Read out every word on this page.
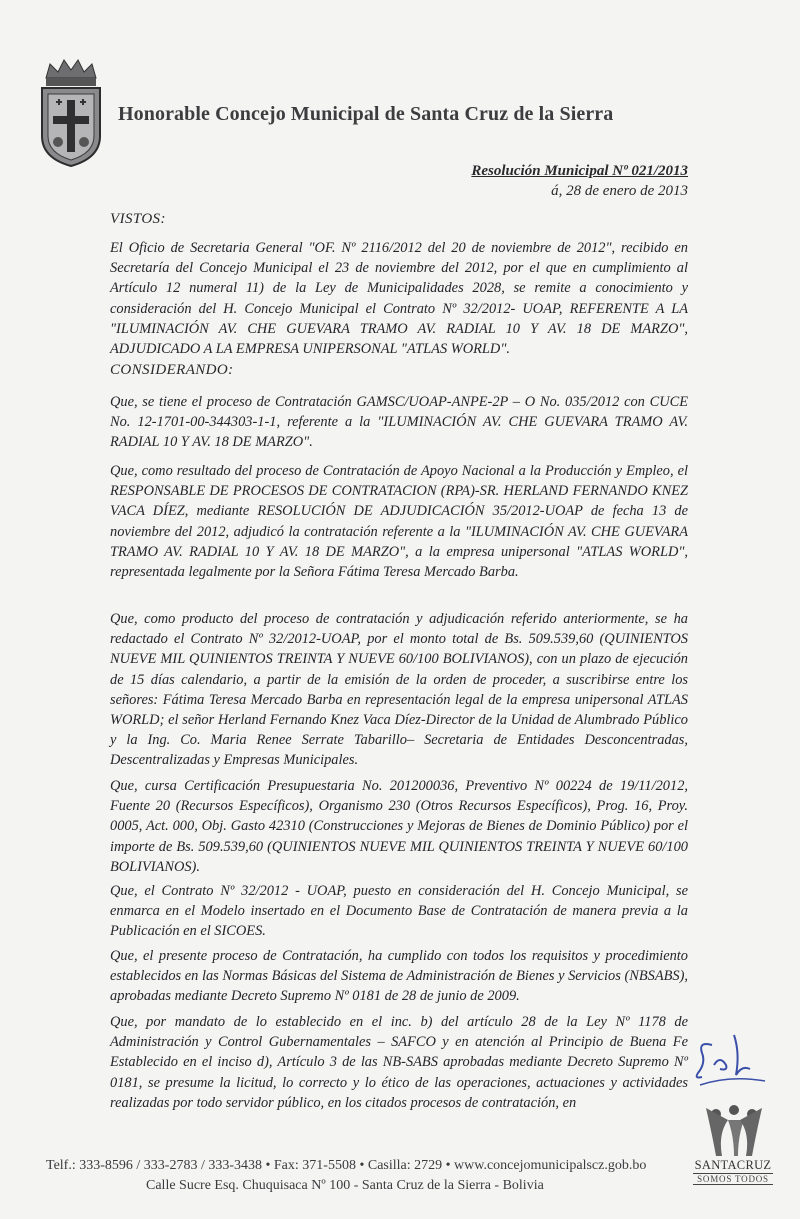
Honorable Concejo Municipal de Santa Cruz de la Sierra
Resolución Municipal Nº 021/2013
á, 28 de enero de 2013
VISTOS:
El Oficio de Secretaria General "OF. Nº 2116/2012 del 20 de noviembre de 2012", recibido en Secretaría del Concejo Municipal el 23 de noviembre del 2012, por el que en cumplimiento al Artículo 12 numeral 11) de la Ley de Municipalidades 2028, se remite a conocimiento y consideración del H. Concejo Municipal el Contrato Nº 32/2012- UOAP, REFERENTE A LA "ILUMINACIÓN AV. CHE GUEVARA TRAMO AV. RADIAL 10 Y AV. 18 DE MARZO", ADJUDICADO A LA EMPRESA UNIPERSONAL "ATLAS WORLD".
CONSIDERANDO:
Que, se tiene el proceso de Contratación GAMSC/UOAP-ANPE-2P – O No. 035/2012 con CUCE No. 12-1701-00-344303-1-1, referente a la "ILUMINACIÓN AV. CHE GUEVARA TRAMO AV. RADIAL 10 Y AV. 18 DE MARZO".
Que, como resultado del proceso de Contratación de Apoyo Nacional a la Producción y Empleo, el RESPONSABLE DE PROCESOS DE CONTRATACION (RPA)-SR. HERLAND FERNANDO KNEZ VACA DÍEZ, mediante RESOLUCIÓN DE ADJUDICACIÓN 35/2012-UOAP de fecha 13 de noviembre del 2012, adjudicó la contratación referente a la "ILUMINACIÓN AV. CHE GUEVARA TRAMO AV. RADIAL 10 Y AV. 18 DE MARZO", a la empresa unipersonal "ATLAS WORLD", representada legalmente por la Señora Fátima Teresa Mercado Barba.
Que, como producto del proceso de contratación y adjudicación referido anteriormente, se ha redactado el Contrato Nº 32/2012-UOAP, por el monto total de Bs. 509.539,60 (QUINIENTOS NUEVE MIL QUINIENTOS TREINTA Y NUEVE 60/100 BOLIVIANOS), con un plazo de ejecución de 15 días calendario, a partir de la emisión de la orden de proceder, a suscribirse entre los señores: Fátima Teresa Mercado Barba en representación legal de la empresa unipersonal ATLAS WORLD; el señor Herland Fernando Knez Vaca Díez-Director de la Unidad de Alumbrado Público y la Ing. Co. Maria Renee Serrate Tabarillo– Secretaria de Entidades Desconcentradas, Descentralizadas y Empresas Municipales.
Que, cursa Certificación Presupuestaria No. 201200036, Preventivo Nº 00224 de 19/11/2012, Fuente 20 (Recursos Específicos), Organismo 230 (Otros Recursos Específicos), Prog. 16, Proy. 0005, Act. 000, Obj. Gasto 42310 (Construcciones y Mejoras de Bienes de Dominio Público) por el importe de Bs. 509.539,60 (QUINIENTOS NUEVE MIL QUINIENTOS TREINTA Y NUEVE 60/100 BOLIVIANOS).
Que, el Contrato Nº 32/2012 - UOAP, puesto en consideración del H. Concejo Municipal, se enmarca en el Modelo insertado en el Documento Base de Contratación de manera previa a la Publicación en el SICOES.
Que, el presente proceso de Contratación, ha cumplido con todos los requisitos y procedimiento establecidos en las Normas Básicas del Sistema de Administración de Bienes y Servicios (NBSABS), aprobadas mediante Decreto Supremo Nº 0181 de 28 de junio de 2009.
Que, por mandato de lo establecido en el inc. b) del artículo 28 de la Ley Nº 1178 de Administración y Control Gubernamentales – SAFCO y en atención al Principio de Buena Fe Establecido en el inciso d), Artículo 3 de las NB-SABS aprobadas mediante Decreto Supremo Nº 0181, se presume la licitud, lo correcto y lo ético de las operaciones, actuaciones y actividades realizadas por todo servidor público, en los citados procesos de contratación, en
SANTACRUZ
SOMOS TODOS
Telf.: 333-8596 / 333-2783 / 333-3438 • Fax: 371-5508 • Casilla: 2729 • www.concejomunicipalscz.gob.bo
Calle Sucre Esq. Chuquisaca Nº 100 - Santa Cruz de la Sierra - Bolivia
